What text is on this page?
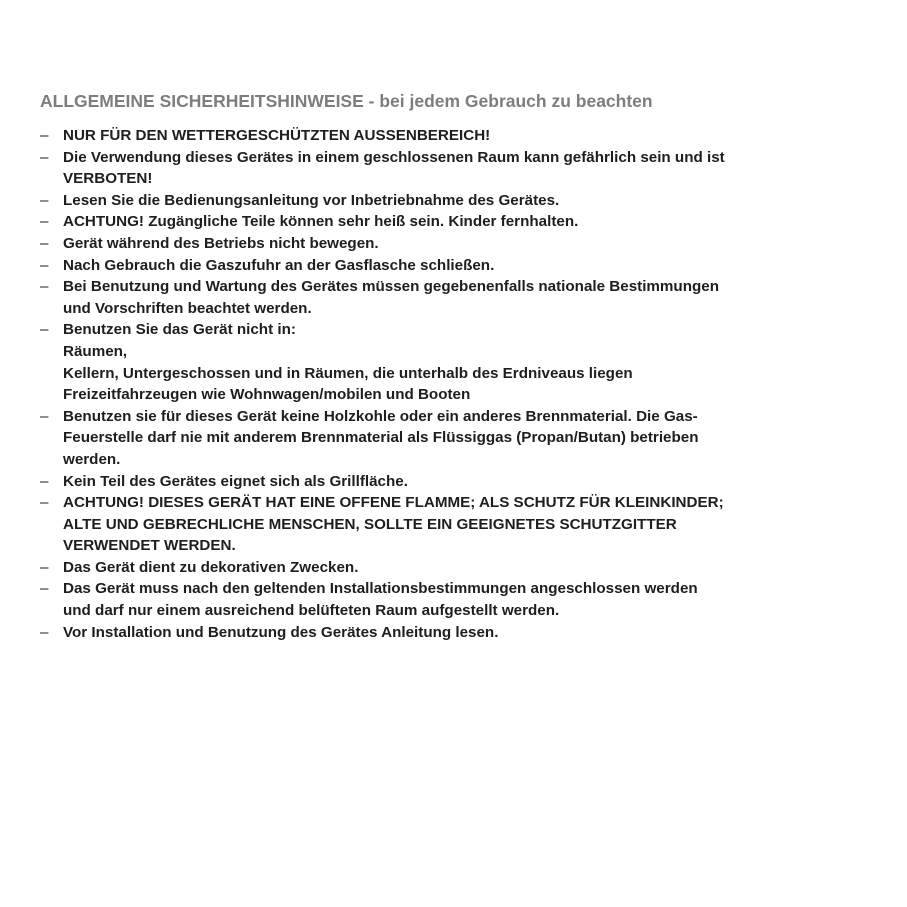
ALLGEMEINE SICHERHEITSHINWEISE - bei jedem Gebrauch zu beachten
– NUR FÜR DEN WETTERGESCHÜTZTEN AUSSENBEREICH!
– Die Verwendung dieses Gerätes in einem geschlossenen Raum kann gefährlich sein und ist
VERBOTEN!
– Lesen Sie die Bedienungsanleitung vor Inbetriebnahme des Gerätes.
– ACHTUNG! Zugängliche Teile können sehr heiß sein. Kinder fernhalten.
– Gerät während des Betriebs nicht bewegen.
– Nach Gebrauch die Gaszufuhr an der Gasflasche schließen.
– Bei Benutzung und Wartung des Gerätes müssen gegebenenfalls nationale Bestimmungen
und Vorschriften beachtet werden.
– Benutzen Sie das Gerät nicht in:
Räumen,
Kellern, Untergeschossen und in Räumen, die unterhalb des Erdniveaus liegen
Freizeitfahrzeugen wie Wohnwagen/mobilen und Booten
– Benutzen sie für dieses Gerät keine Holzkohle oder ein anderes Brennmaterial. Die Gas-
Feuerstelle darf nie mit anderem Brennmaterial als Flüssiggas (Propan/Butan) betrieben
werden.
– Kein Teil des Gerätes eignet sich als Grillfläche.
– ACHTUNG! DIESES GERÄT HAT EINE OFFENE FLAMME; ALS SCHUTZ FÜR KLEINKINDER;
ALTE UND GEBRECHLICHE MENSCHEN, SOLLTE EIN GEEIGNETES SCHUTZGITTER
VERWENDET WERDEN.
– Das Gerät dient zu dekorativen Zwecken.
– Das Gerät muss nach den geltenden Installationsbestimmungen angeschlossen werden
und darf nur einem ausreichend belüfteten Raum aufgestellt werden.
– Vor Installation und Benutzung des Gerätes Anleitung lesen.
